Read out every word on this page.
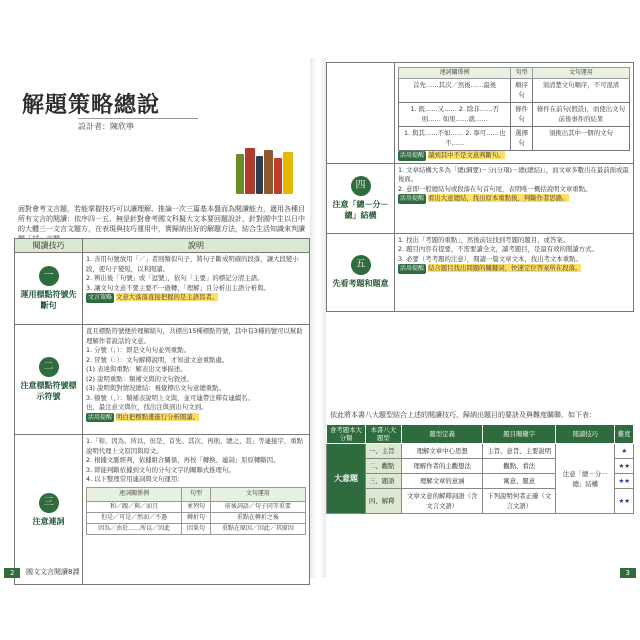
解題策略總說
設計者：陳欣寧
面對會考文言題，若能掌握技巧可以讓理解、推論一次三篇基本盤而為閱讀能力，適用各種目所有文言的閱讀：依序四一五、無是針對會考國文科擬大文本要回題設計，針對國中生以日中的大體三一文言文題方，在表現與技巧運用中，實歸納出好的解題方法，結合生活知識來判讀
閱讀技巧	說明
一
運用標點符號先斷句

1. 善用句號放用「／」者則類似句子，將句子斷成明確的段落，讓大段變小段，使句子變短，以利閱讀。
2. 辨出後「句號」或「逗號」，依句「主要」的標記分清主語。
3. 讓文句文意不要主要不一過轉，「理解」且分析出主語分析與。
文言策略 文意大落落直接把握的是主語寫者。

二
注意標點符號標示符號

直且標點符號便於理解組句，共標出15種標點符號，其中有3種的號可以幫助理解作者說話的文意。
1. 分號（；）：即是文句句並列重點。
2. 冒號（：）：文句解釋說明，才知道文意重點處。
(1) 表達與重點：解表出文事描述。
(2) 說明重點：類補文與的文句敘述。
(3) 說明與對情況總結：視覺標出文句意總重點。
3. 頓號（、）：類補表說明上文與，並可連帶注釋有連續名。
也，最注意文與位，找出注與到出句文到。
活用提醒 明白把標點畫進行分析閱讀。

三
注意連詞

1.「和、因為、所以、但是、首先、其次、再則、總之、甚」等連接字，重點說明代理上文原因與原文。
2. 根據文脈經判，依據組合關係，再按「轉換、連詞」原原轉斷因。
3. 即能判斷依據到文句的分句文字的關聯式推理句。
4. 以下整理常用連詞與文句運用：
連詞關係例	句型	文句運用
和／跟／與／而且	並列句	前後詞語／句子同等重要
但是／可是／然而／不過	轉折句	重點在轉折之後
因為／由於……所以／因此	因果句	重點在原因／因此／其原因
2	國文文言閱讀8課

連詞關係例	句型	文句運用
首先……其次／然後……最後	順序句	須清楚文句順序，不可混淆
1. 既……又…… 2. 除非……否則…… 如果……就……	條件句	條件在前句(假設)，而使出文句前後事件的結果
1. 與其……不如…… 2. 寧可……也不……	選擇句	須挑出其中一個的文句
活用提醒 讀到其中不是文意判斷句。

四
注意「總－分－總」結構

1. 文章結構大多為「總(綱要)－分(分項)－總(總結)」，而文章多數出在最前面或最後面。
2. 意即一般總結句或段落在句首句尾，表明唯一概括說明文章重點。
活用提醒 看出大意總結，找出原本重點後，判斷作者思路。

五
先看考題和題意

1. 找出「考題的重點」，然後前往找到考題的題目，或答案。
2. 題目內容有提要，不需要讀全文，讀考題目，是最有效的閱讀方式。
3. 必要（考考題的注意），閱讀一篇文章文本，找出考文本重點。
活用提醒 結合題目找出問題的關鍵詞，快速定位答案所在段落。
依此將本書八大題型結合上述的閱讀技巧，歸納出題目的要訣及與難度關聯，如下表：
會考題本大分類	本書八大題型	題型定義	題目關鍵字	閱讀技巧	難度
大意題	一、主旨	理解文章中心思想	主旨、意旨、主要說明	注意「總－分－總」結構	★
	二、觀點	理解作者的主觀想法	觀點、看法		★★
	三、題語	理解文章的意涵	寓意、題意		★★
	四、解釋	文章文意的解釋詞語（含文言文語）	下列說明何者正確（文言文語）		★★
3
